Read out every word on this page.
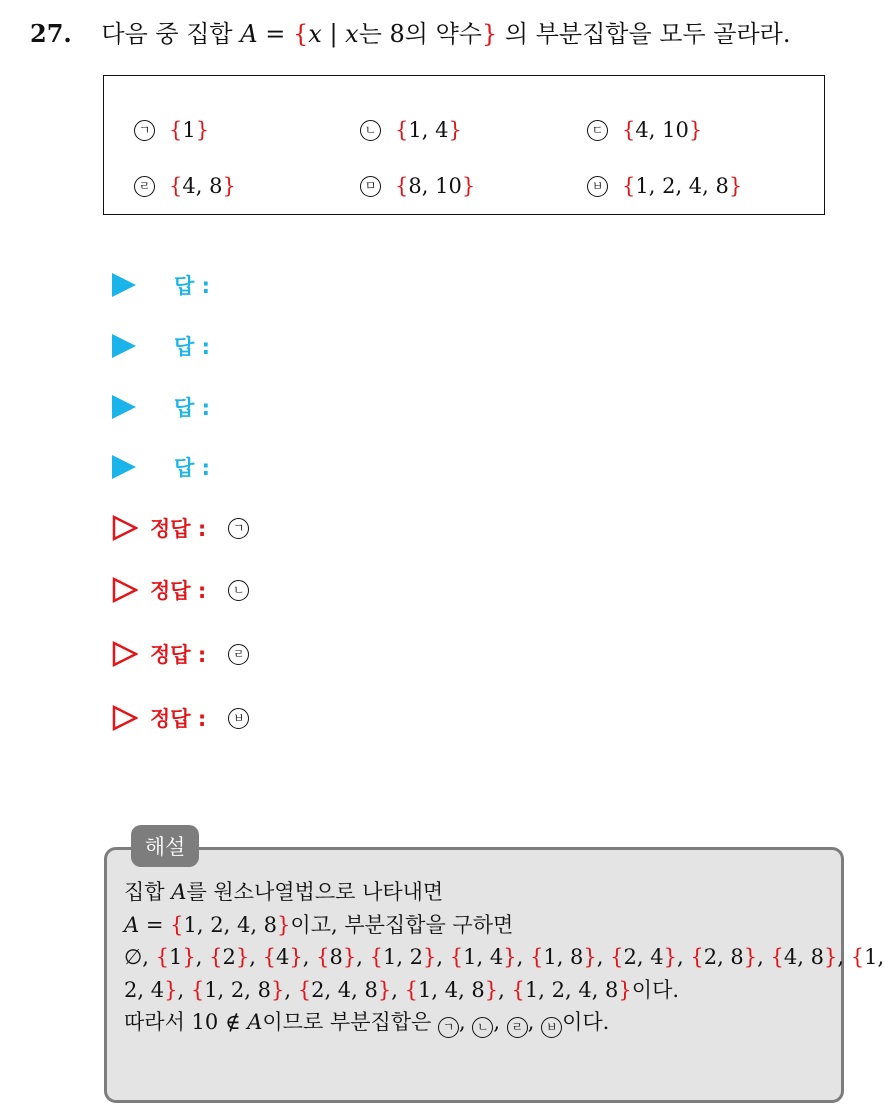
27. 다음 중 집합 A = {x | x는 8의 약수} 의 부분집합을 모두 골라라.
ㄱ { 1 }	ㄴ { 1, 4 }	ㄷ { 4, 10 }
ㄹ { 4, 8 }	ㅁ { 8, 10 }	ㅂ { 1, 2, 4, 8 }
답 :
답 :
답 :
답 :
정답 :	ㄱ
정답 :	ㄴ
정답 :	ㄹ
정답 :	ㅂ
해설
집합 A를 원소나열법으로 나타내면
A = {1, 2, 4, 8}이고, 부분집합을 구하면
∅, {1}, {2}, {4}, {8}, {1, 2}, {1, 4}, {1, 8}, {2, 4}, {2, 8}, {4, 8}, {1,
2, 4}, {1, 2, 8}, {2, 4, 8}, {1, 4, 8}, {1, 2, 4, 8}이다.
따라서 10 ∉ A이므로 부분집합은 ㄱ , ㄴ , ㄹ , ㅂ 이다.
